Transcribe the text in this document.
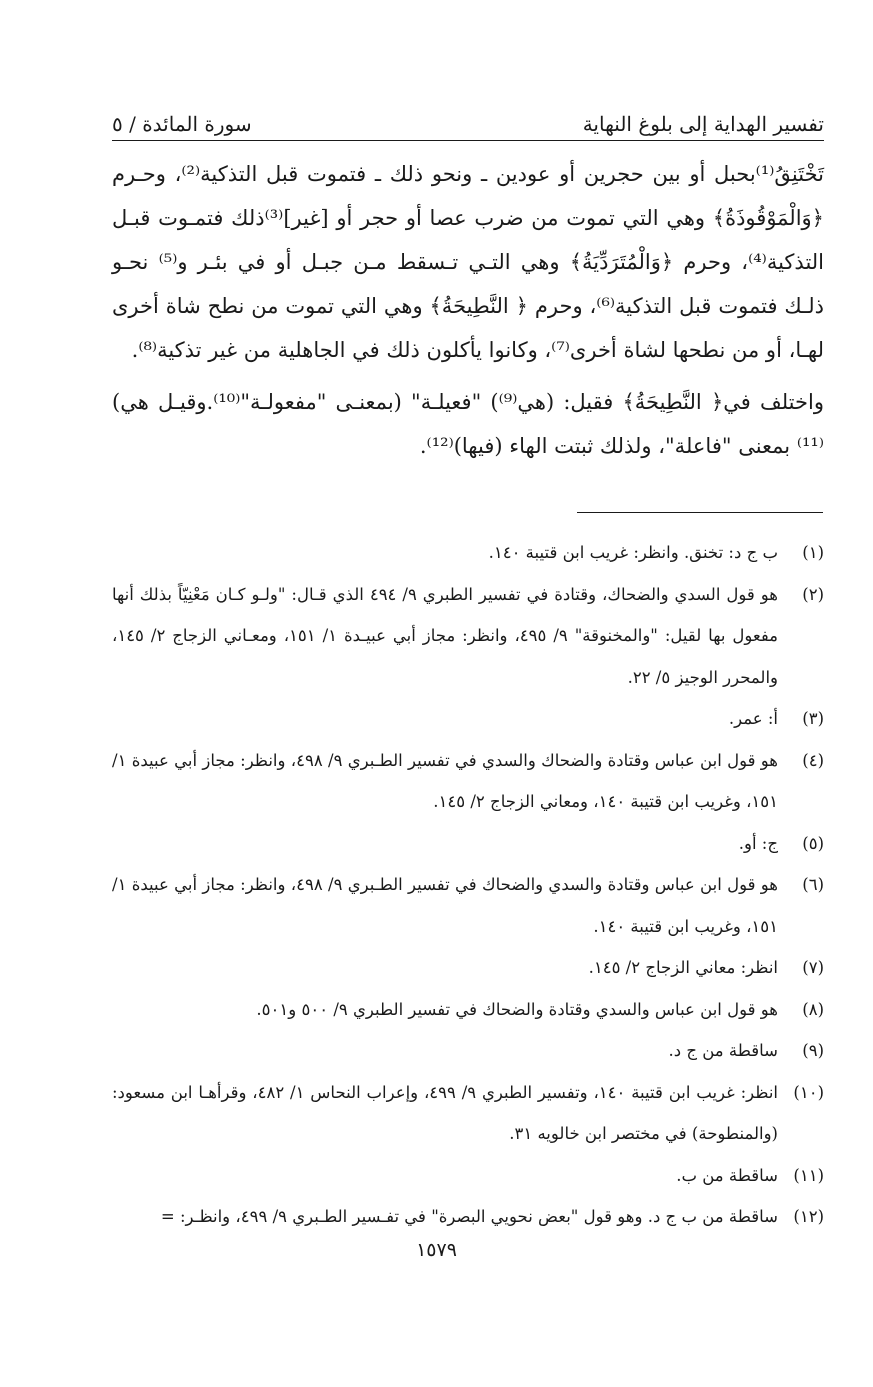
تفسير الهداية إلى بلوغ النهاية
سورة المائدة / ٥

تَخْتَنِقُ⁽¹⁾بحبل أو بين حجرين أو عودين ـ ونحو ذلك ـ فتموت قبل التذكية⁽²⁾، وحـرم ﴿وَالْمَوْقُوذَةُ﴾ وهي التي تموت من ضرب عصا أو حجر أو [غير]⁽³⁾ذلك فتمـوت قبـل التذكية⁽⁴⁾، وحرم ﴿وَالْمُتَرَدِّيَةُ﴾ وهي التـي تـسقط مـن جبـل أو في بئـر و⁽⁵⁾ نحـو ذلـك فتموت قبل التذكية⁽⁶⁾، وحرم ﴿ النَّطِيحَةُ﴾ وهي التي تموت من نطح شاة أخرى لهـا، أو من نطحها لشاة أخرى⁽⁷⁾، وكانوا يأكلون ذلك في الجاهلية من غير تذكية⁽⁸⁾.

واختلف في﴿ النَّطِيحَةُ﴾ فقيل: (هي⁽⁹⁾) "فعيلـة" (بمعنـى "مفعولـة"⁽¹⁰⁾.وقيـل هي)⁽¹¹⁾ بمعنى "فاعلة"، ولذلك ثبتت الهاء (فيها)⁽¹²⁾.

(١)
ب ج د: تخنق. وانظر: غريب ابن قتيبة ١٤٠.
(٢)
هو قول السدي والضحاك، وقتادة في تفسير الطبري ٩/ ٤٩٤ الذي قـال: "ولـو كـان مَعْنِيّاً بذلك أنها مفعول بها لقيل: "والمخنوقة" ٩/ ٤٩٥، وانظر: مجاز أبي عبيـدة ١/ ١٥١، ومعـاني الزجاج ٢/ ١٤٥، والمحرر الوجيز ٥/ ٢٢.
(٣)
أ: عمر.
(٤)
هو قول ابن عباس وقتادة والضحاك والسدي في تفسير الطـبري ٩/ ٤٩٨، وانظر: مجاز أبي عبيدة ١/ ١٥١، وغريب ابن قتيبة ١٤٠، ومعاني الزجاج ٢/ ١٤٥.
(٥)
ج: أو.
(٦)
هو قول ابن عباس وقتادة والسدي والضحاك في تفسير الطـبري ٩/ ٤٩٨، وانظر: مجاز أبي عبيدة ١/ ١٥١، وغريب ابن قتيبة ١٤٠.
(٧)
انظر: معاني الزجاج ٢/ ١٤٥.
(٨)
هو قول ابن عباس والسدي وقتادة والضحاك في تفسير الطبري ٩/ ٥٠٠ و٥٠١.
(٩)
ساقطة من ج د.
(١٠)
انظر: غريب ابن قتيبة ١٤٠، وتفسير الطبري ٩/ ٤٩٩، وإعراب النحاس ١/ ٤٨٢، وقرأهـا ابن مسعود: (والمنطوحة) في مختصر ابن خالويه ٣١.
(١١)
ساقطة من ب.
(١٢)
ساقطة من ب ج د. وهو قول "بعض نحويي البصرة" في تفـسير الطـبري ٩/ ٤٩٩، وانظـر: =
١٥٧٩
